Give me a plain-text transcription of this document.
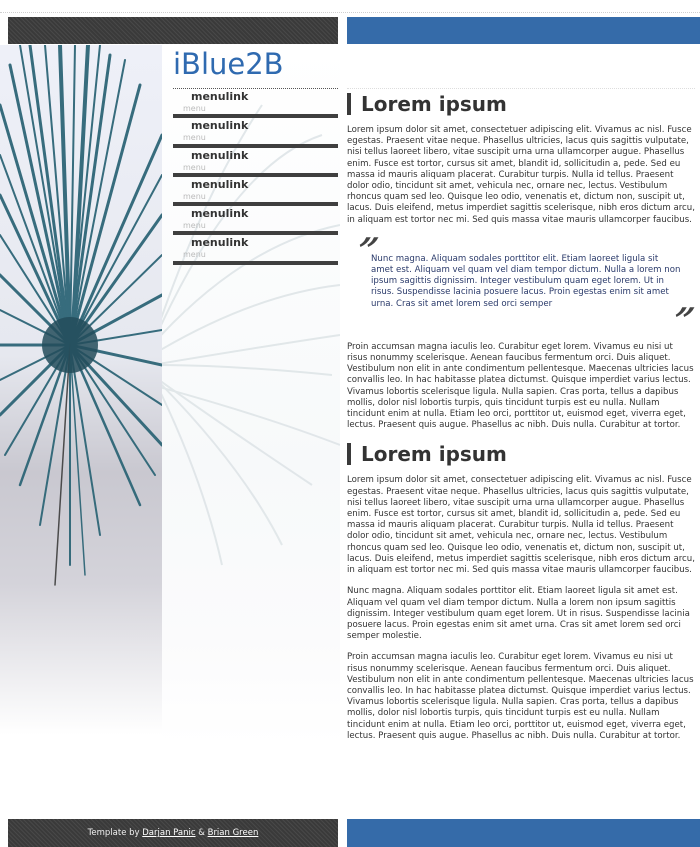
iBlue2B
menulink
menu
menulink
menu
menulink
menu
menulink
menu
menulink
menu
menulink
menu
Lorem ipsum

Lorem ipsum dolor sit amet, consectetuer adipiscing elit. Vivamus ac nisl. Fusce egestas. Praesent vitae neque. Phasellus ultricies, lacus quis sagittis vulputate, nisi tellus laoreet libero, vitae suscipit urna urna ullamcorper augue. Phasellus enim. Fusce est tortor, cursus sit amet, blandit id, sollicitudin a, pede. Sed eu massa id mauris aliquam placerat. Curabitur turpis. Nulla id tellus. Praesent dolor odio, tincidunt sit amet, vehicula nec, ornare nec, lectus. Vestibulum rhoncus quam sed leo. Quisque leo odio, venenatis et, dictum non, suscipit ut, lacus. Duis eleifend, metus imperdiet sagittis scelerisque, nibh eros dictum arcu, in aliquam est tortor nec mi. Sed quis massa vitae mauris ullamcorper faucibus.

”

Nunc magna. Aliquam sodales porttitor elit. Etiam laoreet ligula sit amet est. Aliquam vel quam vel diam tempor dictum. Nulla a lorem non ipsum sagittis dignissim. Integer vestibulum quam eget lorem. Ut in risus. Suspendisse lacinia posuere lacus. Proin egestas enim sit amet urna. Cras sit amet lorem sed orci semper	”

Proin accumsan magna iaculis leo. Curabitur eget lorem. Vivamus eu nisi ut risus nonummy scelerisque. Aenean faucibus fermentum orci. Duis aliquet. Vestibulum non elit in ante condimentum pellentesque. Maecenas ultricies lacus convallis leo. In hac habitasse platea dictumst. Quisque imperdiet varius lectus. Vivamus lobortis scelerisque ligula. Nulla sapien. Cras porta, tellus a dapibus mollis, dolor nisl lobortis turpis, quis tincidunt turpis est eu nulla. Nullam tincidunt enim at nulla. Etiam leo orci, porttitor ut, euismod eget, viverra eget, lectus. Praesent quis augue. Phasellus ac nibh. Duis nulla. Curabitur at tortor.

Lorem ipsum

Lorem ipsum dolor sit amet, consectetuer adipiscing elit. Vivamus ac nisl. Fusce egestas. Praesent vitae neque. Phasellus ultricies, lacus quis sagittis vulputate, nisi tellus laoreet libero, vitae suscipit urna urna ullamcorper augue. Phasellus enim. Fusce est tortor, cursus sit amet, blandit id, sollicitudin a, pede. Sed eu massa id mauris aliquam placerat. Curabitur turpis. Nulla id tellus. Praesent dolor odio, tincidunt sit amet, vehicula nec, ornare nec, lectus. Vestibulum rhoncus quam sed leo. Quisque leo odio, venenatis et, dictum non, suscipit ut, lacus. Duis eleifend, metus imperdiet sagittis scelerisque, nibh eros dictum arcu, in aliquam est tortor nec mi. Sed quis massa vitae mauris ullamcorper faucibus.

Nunc magna. Aliquam sodales porttitor elit. Etiam laoreet ligula sit amet est. Aliquam vel quam vel diam tempor dictum. Nulla a lorem non ipsum sagittis dignissim. Integer vestibulum quam eget lorem. Ut in risus. Suspendisse lacinia posuere lacus. Proin egestas enim sit amet urna. Cras sit amet lorem sed orci semper molestie.

Proin accumsan magna iaculis leo. Curabitur eget lorem. Vivamus eu nisi ut risus nonummy scelerisque. Aenean faucibus fermentum orci. Duis aliquet. Vestibulum non elit in ante condimentum pellentesque. Maecenas ultricies lacus convallis leo. In hac habitasse platea dictumst. Quisque imperdiet varius lectus. Vivamus lobortis scelerisque ligula. Nulla sapien. Cras porta, tellus a dapibus mollis, dolor nisl lobortis turpis, quis tincidunt turpis est eu nulla. Nullam tincidunt enim at nulla. Etiam leo orci, porttitor ut, euismod eget, viverra eget, lectus. Praesent quis augue. Phasellus ac nibh. Duis nulla. Curabitur at tortor.

Template by Darjan Panic & Brian Green
